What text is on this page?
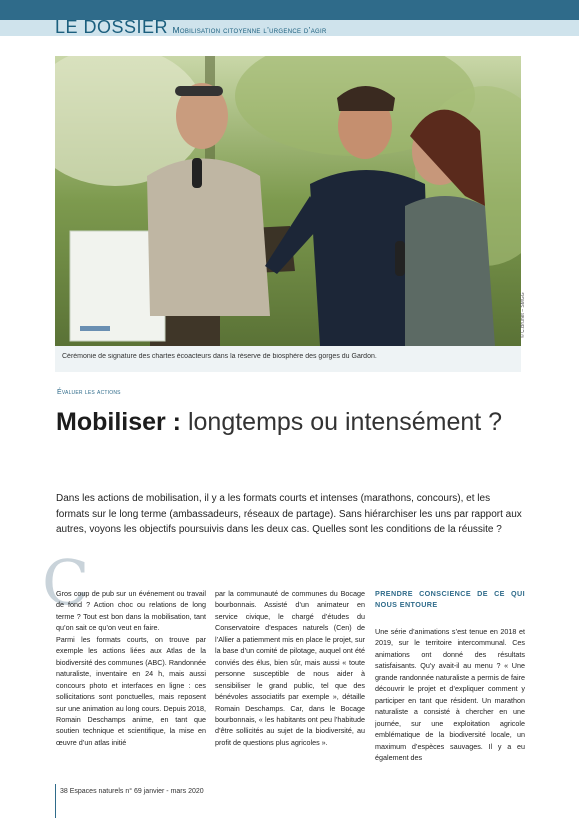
LE DOSSIER Mobilisation citoyenne l’urgence d’agir
Cérémonie de signature des chartes écoacteurs dans la réserve de biosphère des gorges du Gardon.
© C.Brunet – SMGG
Évaluer les actions
Mobiliser : longtemps ou intensément ?
Dans les actions de mobilisation, il y a les formats courts et intenses (marathons, concours), et les formats sur le long terme (ambassadeurs, réseaux de partage). Sans hiérarchiser les uns par rapport aux autres, voyons les objectifs poursuivis dans les deux cas. Quelles sont les conditions de la réussite ?
C

Gros coup de pub sur un événement ou travail de fond ? Action choc ou relations de long terme ? Tout est bon dans la mobilisation, tant qu’on sait ce qu’on veut en faire.

Parmi les formats courts, on trouve par exemple les actions liées aux Atlas de la biodiversité des communes (ABC). Randonnée naturaliste, inventaire en 24 h, mais aussi concours photo et interfaces en ligne : ces sollicitations sont ponctuelles, mais reposent sur une animation au long cours. Depuis 2018, Romain Deschamps anime, en tant que soutien technique et scientifique, la mise en œuvre d’un atlas initié

par la communauté de communes du Bocage bourbonnais. Assisté d’un animateur en service civique, le chargé d’études du Conservatoire d’espaces naturels (Cen) de l’Allier a patiemment mis en place le projet, sur la base d’un comité de pilotage, auquel ont été conviés des élus, bien sûr, mais aussi « toute personne susceptible de nous aider à sensibiliser le grand public, tel que des bénévoles associatifs par exemple », détaille Romain Deschamps. Car, dans le Bocage bourbonnais, « les habitants ont peu l’habitude d’être sollicités au sujet de la biodiversité, au profit de questions plus agricoles ».

PRENDRE CONSCIENCE DE CE QUI NOUS ENTOURE

Une série d’animations s’est tenue en 2018 et 2019, sur le territoire intercommunal. Ces animations ont donné des résultats satisfaisants. Qu’y avait-il au menu ? « Une grande randonnée naturaliste a permis de faire découvrir le projet et d’expliquer comment y participer en tant que résident. Un marathon naturaliste a consisté à chercher en une journée, sur une exploitation agricole emblématique de la biodiversité locale, un maximum d’espèces sauvages. Il y a eu également des

38 Espaces naturels n° 69 janvier - mars 2020
